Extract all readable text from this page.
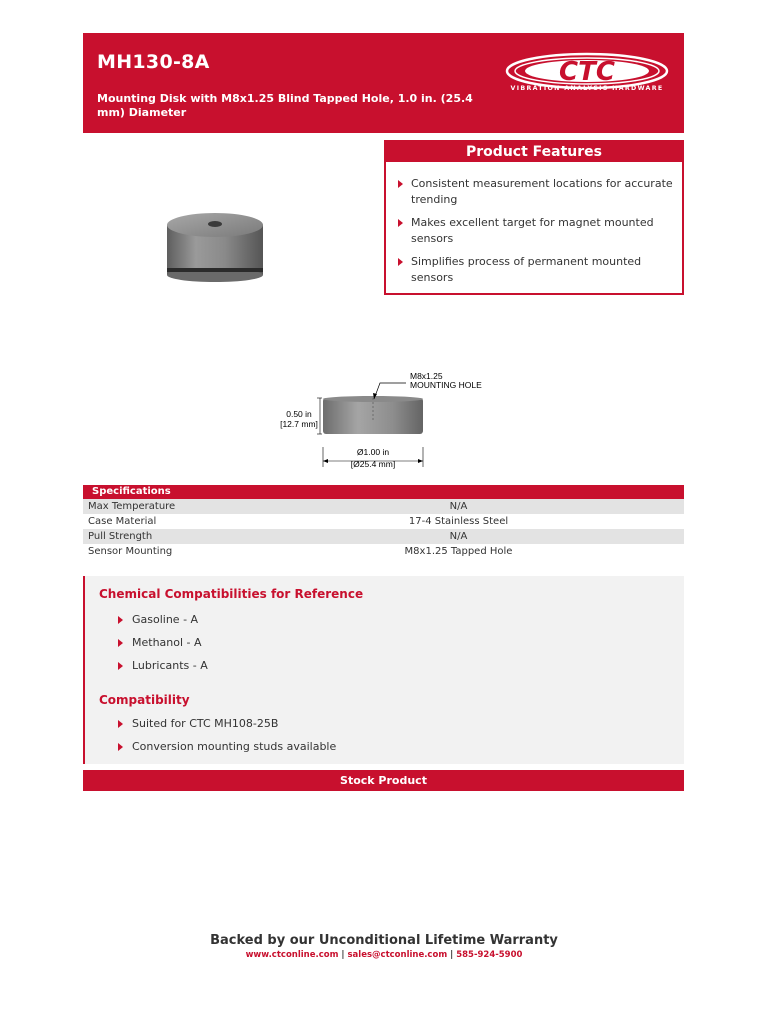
MH130-8A
Mounting Disk with M8x1.25 Blind Tapped Hole, 1.0 in. (25.4 mm) Diameter
CTC
VIBRATION ANALYSIS HARDWARE
Product Features
Consistent measurement locations for accurate trending
Makes excellent target for magnet mounted sensors
Simplifies process of permanent mounted sensors
M8x1.25
MOUNTING HOLE
0.50 in
[12.7 mm]
Ø1.00 in
[Ø25.4 mm]
Specifications
Max Temperature	N/A
Case Material	17-4 Stainless Steel
Pull Strength	N/A
Sensor Mounting	M8x1.25 Tapped Hole
Chemical Compatibilities for Reference
Gasoline - A
Methanol - A
Lubricants - A
Compatibility
Suited for CTC MH108-25B
Conversion mounting studs available
Stock Product
Backed by our Unconditional Lifetime Warranty
www.ctconline.com | sales@ctconline.com | 585-924-5900
